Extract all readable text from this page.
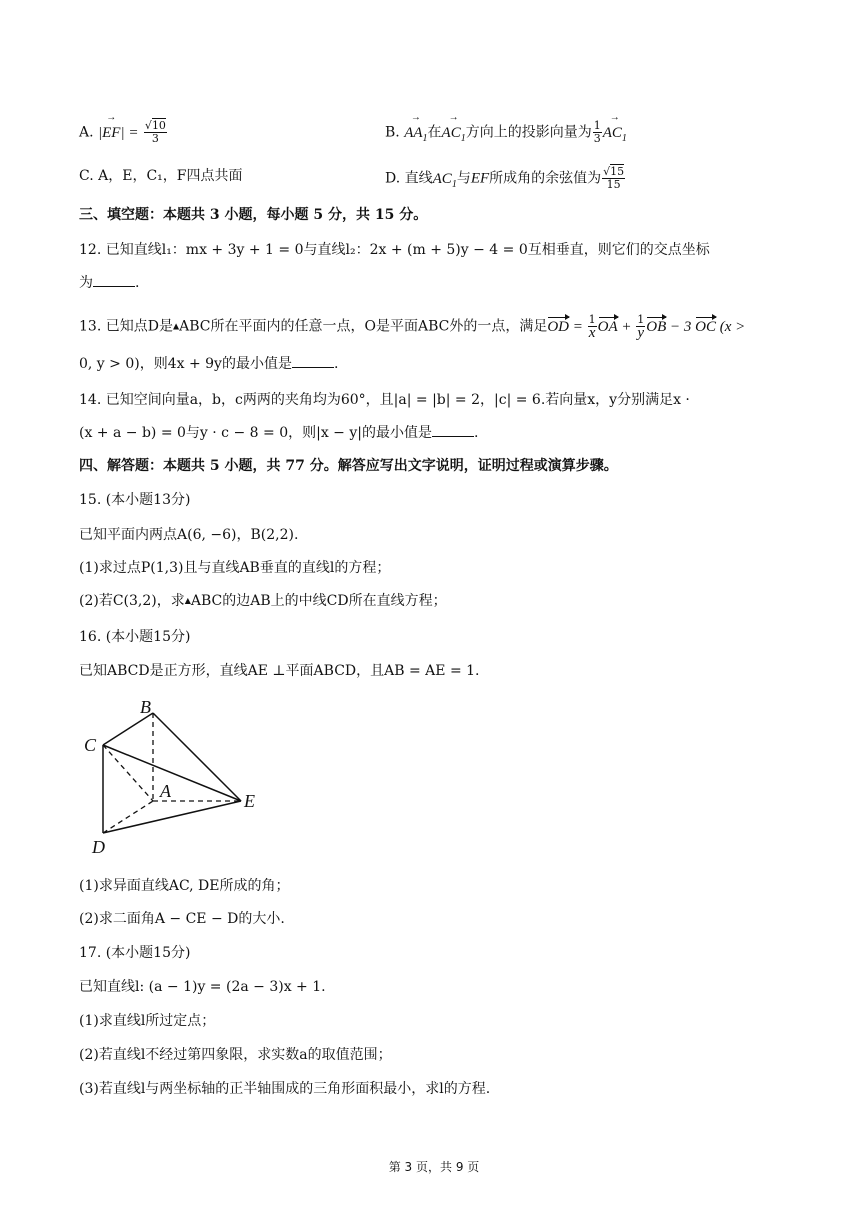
A. |→ $EF| = \frac{√10}{3}$	B. → $AA_1$在→ $AC_1$方向上的投影向量为 $\frac{1}{3}$
→ $AC_1$
C. A，E，C₁，F四点共面	D. 直线$AC_1$与EF所成角的余弦值为 $\frac{√15}{15}$
三、填空题：本题共 3 小题，每小题 5 分，共 15 分。
12. 已知直线l₁：mx + 3y + 1 = 0与直线l₂：2x + (m + 5)y − 4 = 0互相垂直，则它们的交点坐标
为	.
13. 已知点D是▲ABC所在平面内的任意一点，O是平面ABC外的一点，满足OD = $\frac{1}{x}$ OA + $\frac{1}{y}$ OB − 3 OC (x >
0, y > 0)，则4x + 9y的最小值是	.
14. 已知空间向量a，b，c两两的夹角均为60°，且|a| = |b| = 2，|c| = 6.若向量x，y分别满足x ·
(x + a − b) = 0与y · c − 8 = 0，则|x − y|的最小值是	.
四、解答题：本题共 5 小题，共 77 分。解答应写出文字说明，证明过程或演算步骤。
15. (本小题13分)
已知平面内两点A(6, −6)，B(2,2).
(1)求过点P(1,3)且与直线AB垂直的直线l的方程；
(2)若C(3,2)，求▲ABC的边AB上的中线CD所在直线方程；
16. (本小题15分)
已知ABCD是正方形，直线AE ⊥平面ABCD，且AB = AE = 1.
B
C
A	E
D
(1)求异面直线AC, DE所成的角；
(2)求二面角A − CE − D的大小.
17. (本小题15分)
已知直线l: (a − 1)y = (2a − 3)x + 1.
(1)求直线l所过定点；
(2)若直线l不经过第四象限，求实数a的取值范围；
(3)若直线l与两坐标轴的正半轴围成的三角形面积最小，求l的方程.
第 3 页，共 9 页
